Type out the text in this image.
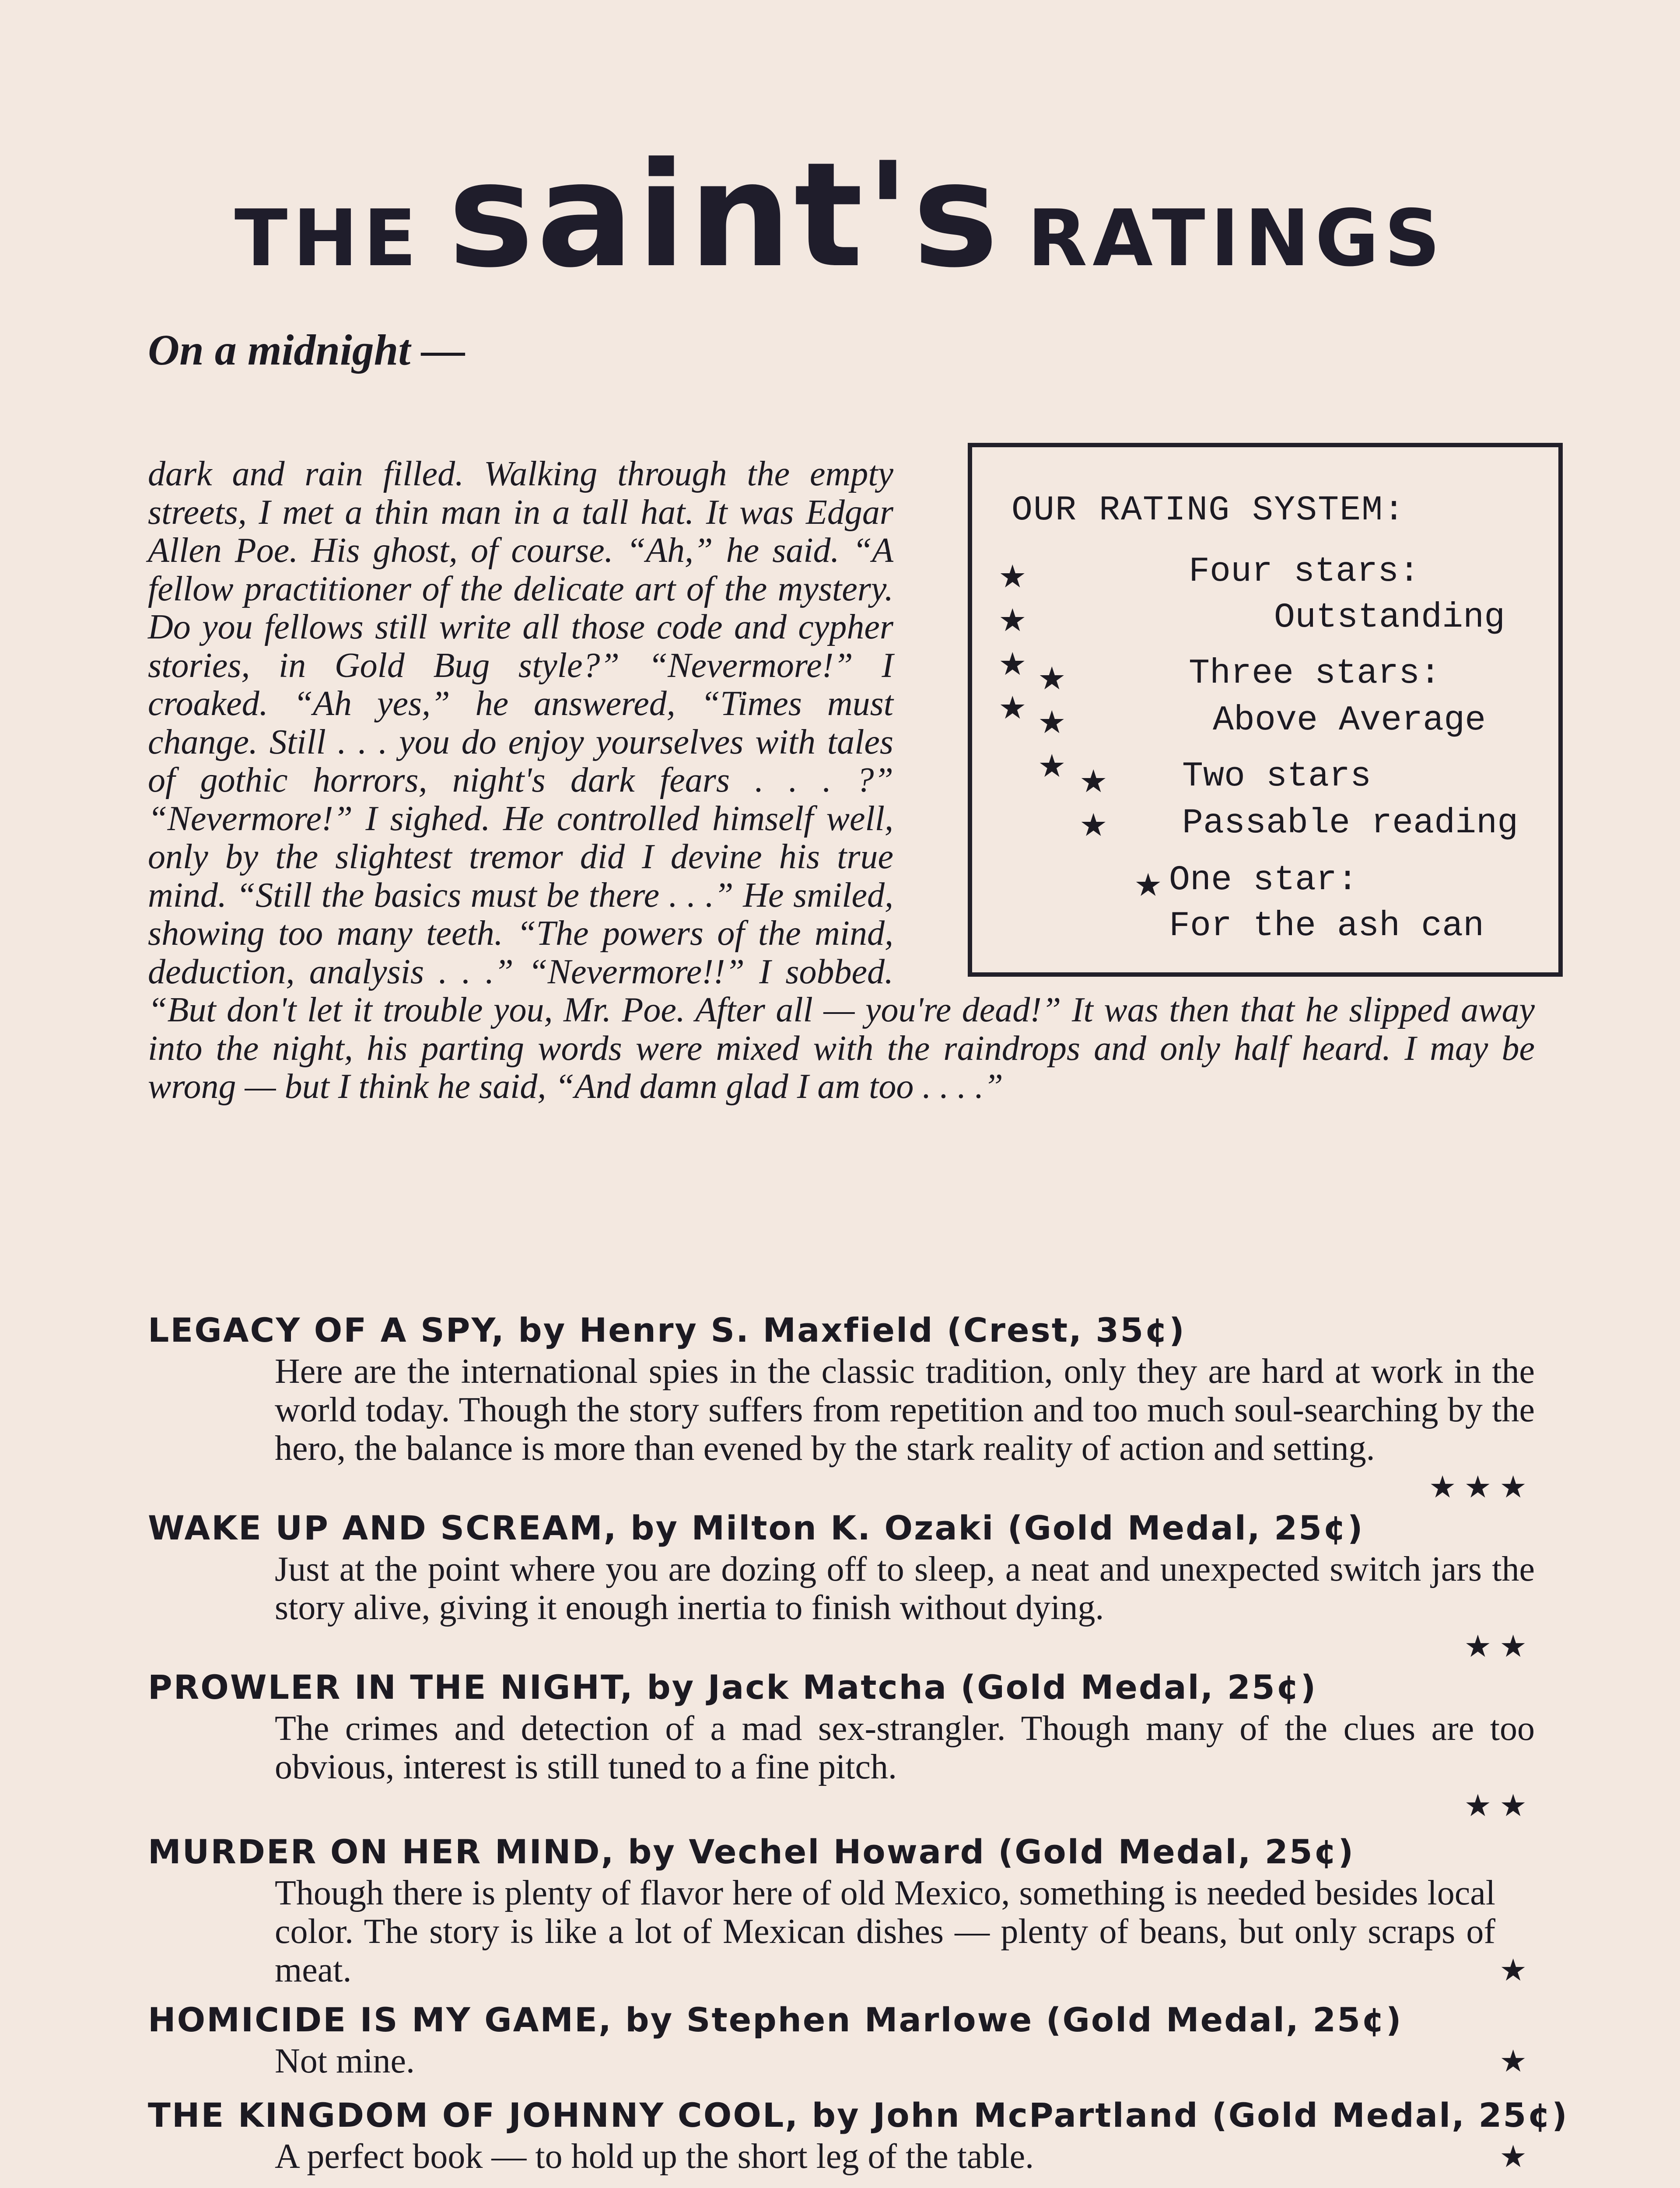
THE saint's RATINGS
On a midnight —
OUR RATING SYSTEM:
★ ★ ★ ★
Four stars:
Outstanding
★ ★ ★
Three stars:
Above Average
★ ★
Two stars
Passable reading
★ One star:
For the ash can

dark and rain filled. Walking through the empty streets, I met a thin man in a tall hat. It was Edgar Allen Poe. His ghost, of course. “Ah,” he said. “A fellow practitioner of the delicate art of the mystery. Do you fellows still write all those code and cypher stories, in Gold Bug style?” “Nevermore!” I croaked. “Ah yes,” he answered, “Times must change. Still . . . you do enjoy yourselves with tales of gothic horrors, night's dark fears . . . ?” “Nevermore!” I sighed. He controlled himself well, only by the slightest tremor did I devine his true mind. “Still the basics must be there . . .” He smiled, showing too many teeth. “The powers of the mind, deduction, analysis . . .” “Nevermore!!” I sobbed. “But don't let it trouble you, Mr. Poe. After all — you're dead!” It was then that he slipped away into the night, his parting words were mixed with the raindrops and only half heard. I may be wrong — but I think he said, “And damn glad I am too . . . .”

LEGACY OF A SPY, by Henry S. Maxfield (Crest, 35¢)
Here are the international spies in the classic tradition, only they are hard at work in the world today. Though the story suffers from repetition and too much soul-searching by the hero, the balance is more than evened by the stark reality of action and setting.
★★★
WAKE UP AND SCREAM, by Milton K. Ozaki (Gold Medal, 25¢)
Just at the point where you are dozing off to sleep, a neat and unexpected switch jars the story alive, giving it enough inertia to finish without dying.
★★
PROWLER IN THE NIGHT, by Jack Matcha (Gold Medal, 25¢)
The crimes and detection of a mad sex-strangler. Though many of the clues are too obvious, interest is still tuned to a fine pitch.
★★
MURDER ON HER MIND, by Vechel Howard (Gold Medal, 25¢)
Though there is plenty of flavor here of old Mexico, something is needed besides local color. The story is like a lot of Mexican dishes — plenty of beans, but only scraps of meat.	★
HOMICIDE IS MY GAME, by Stephen Marlowe (Gold Medal, 25¢)
Not mine.	★
THE KINGDOM OF JOHNNY COOL, by John McPartland (Gold Medal, 25¢)
A perfect book — to hold up the short leg of the table.	★
